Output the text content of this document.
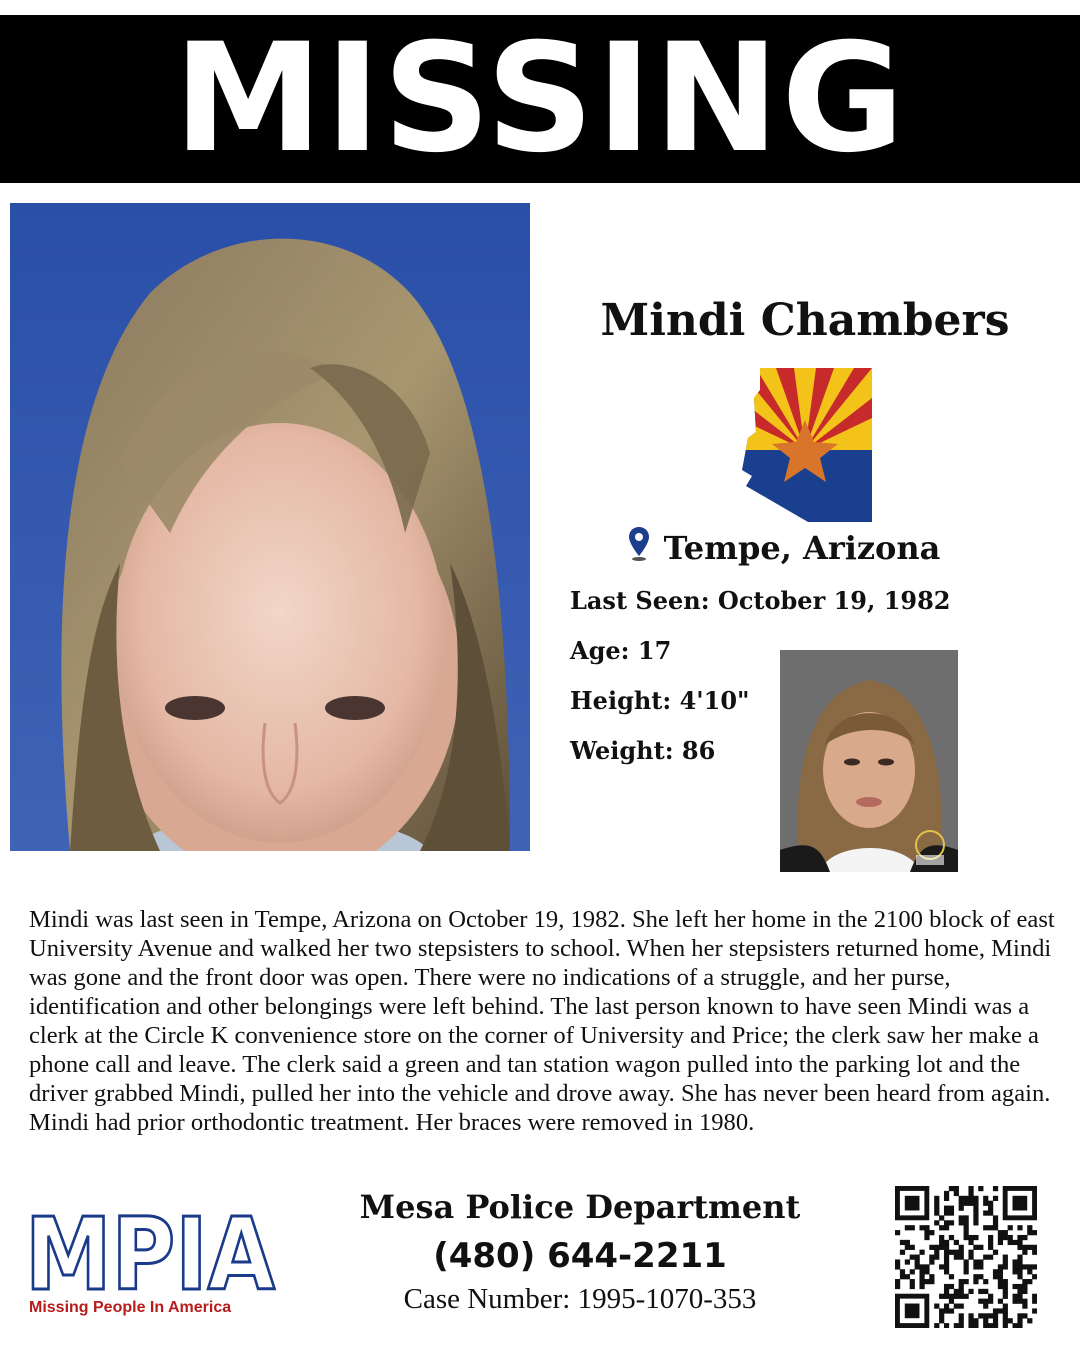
MISSING
Mindi Chambers
Tempe, Arizona
Last Seen: October 19, 1982
Age: 17
Height: 4'10"
Weight: 86
Mindi was last seen in Tempe, Arizona on October 19, 1982. She left her home in the 2100 block of east University Avenue and walked her two stepsisters to school. When her stepsisters returned home, Mindi was gone and the front door was open. There were no indications of a struggle, and her purse, identification and other belongings were left behind. The last person known to have seen Mindi was a clerk at the Circle K convenience store on the corner of University and Price; the clerk saw her make a phone call and leave. The clerk said a green and tan station wagon pulled into the parking lot and the driver grabbed Mindi, pulled her into the vehicle and drove away. She has never been heard from again. Mindi had prior orthodontic treatment. Her braces were removed in 1980.
MPIA
Missing People In America
Mesa Police Department
(480) 644-2211
Case Number: 1995-1070-353
